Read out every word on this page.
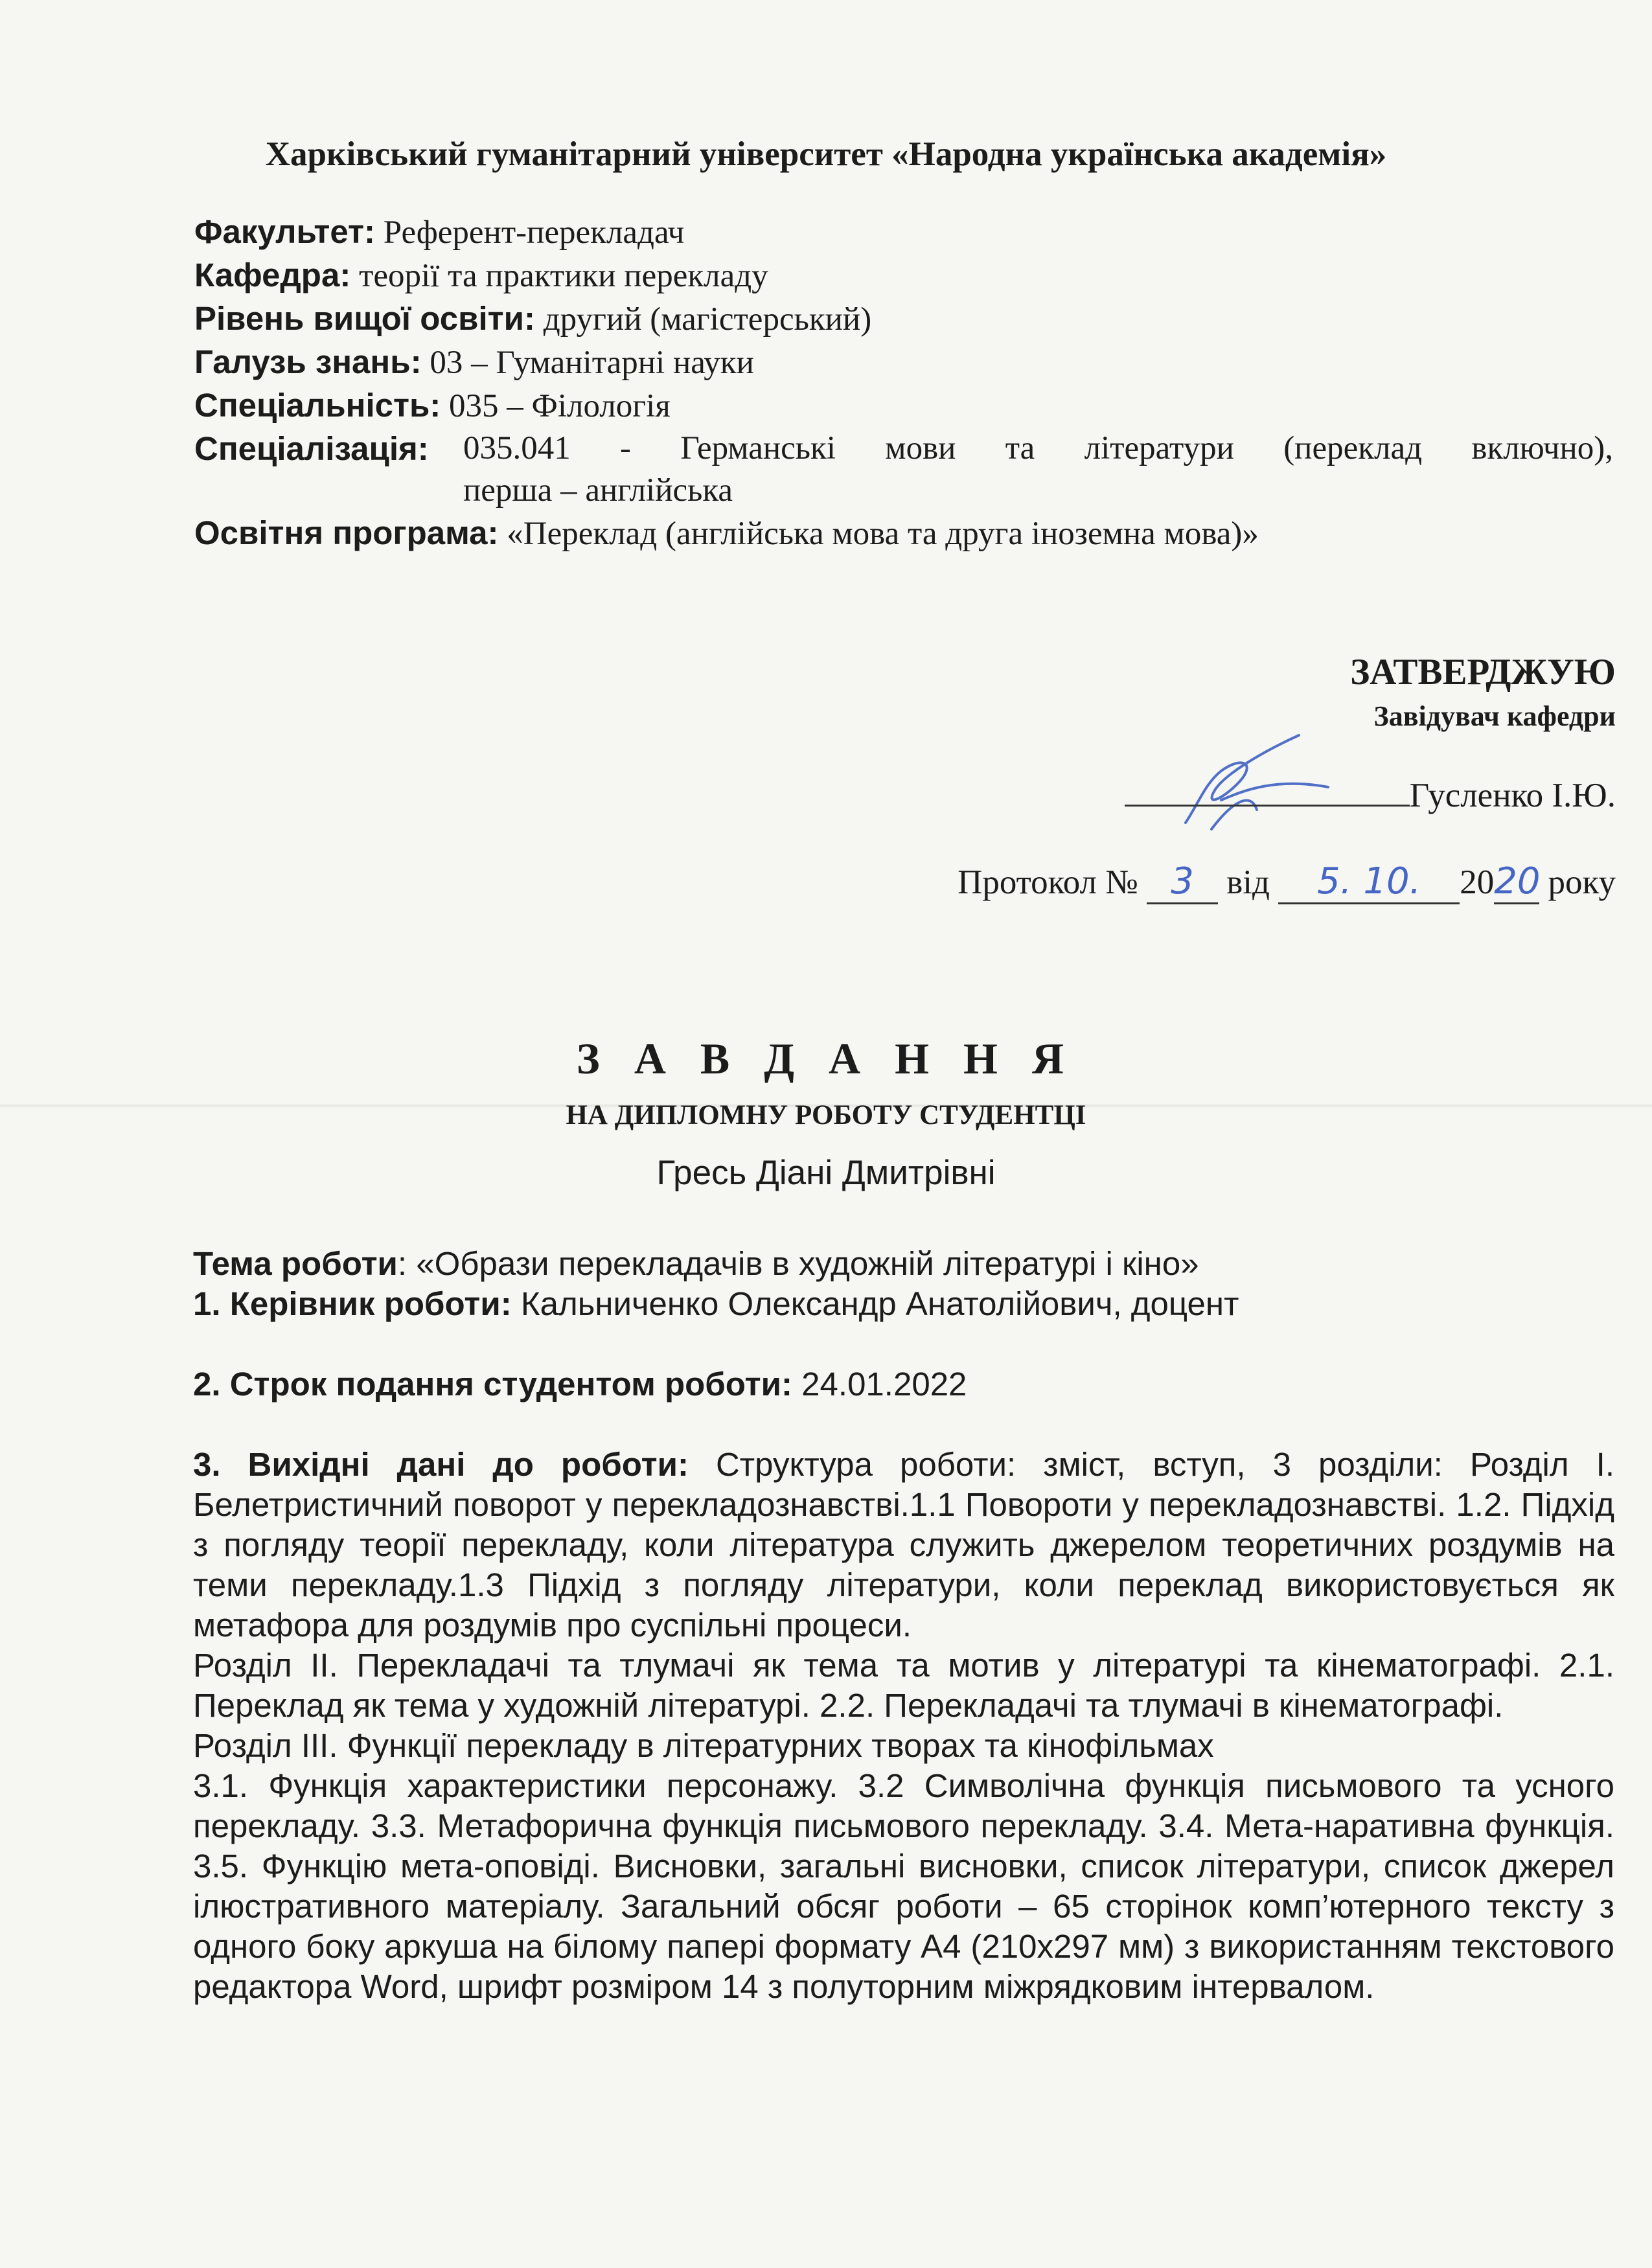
Харківський гуманітарний університет «Народна українська академія»
Факультет: Референт-перекладач
Кафедра: теорії та практики перекладу
Рівень вищої освіти: другий (магістерський)
Галузь знань: 03 – Гуманітарні науки
Спеціальність: 035 – Філологія
Спеціалізація:	035.041 - Германські мови та літератури (переклад включно),
перша – англійська
Освітня програма: «Переклад (англійська мова та друга іноземна мова)»
ЗАТВЕРДЖУЮ
Завідувач кафедри
Гусленко І.Ю.
Протокол № 3 від 5. 10. 2020 року
З А В Д А Н Н Я
НА ДИПЛОМНУ РОБОТУ СТУДЕНТЦІ
Гресь Діані Дмитрівні

Тема роботи: «Образи перекладачів в художній літературі і кіно»

1. Керівник роботи: Кальниченко Олександр Анатолійович, доцент

2. Строк подання студентом роботи: 24.01.2022

3. Вихідні дані до роботи: Структура роботи: зміст, вступ, 3 розділи: Розділ І. Белетристичний поворот у перекладознавстві.1.1 Повороти у перекладознавстві. 1.2. Підхід з погляду теорії перекладу, коли література служить джерелом теоретичних роздумів на теми перекладу.1.3 Підхід з погляду літератури, коли переклад використовується як метафора для роздумів про суспільні процеси.

Розділ ІІ. Перекладачі та тлумачі як тема та мотив у літературі та кінематографі. 2.1. Переклад як тема у художній літературі. 2.2. Перекладачі та тлумачі в кінематографі.

Розділ ІІІ. Функції перекладу в літературних творах та кінофільмах

3.1. Функція характеристики персонажу. 3.2 Символічна функція письмового та усного перекладу. 3.3. Метафорична функція письмового перекладу. 3.4. Мета-наративна функція. 3.5. Функцію мета-оповіді. Висновки, загальні висновки, список літератури, список джерел ілюстративного матеріалу. Загальний обсяг роботи – 65 сторінок комп’ютерного тексту з одного боку аркуша на білому папері формату А4 (210х297 мм) з використанням текстового редактора Word, шрифт розміром 14 з полуторним міжрядковим інтервалом.
